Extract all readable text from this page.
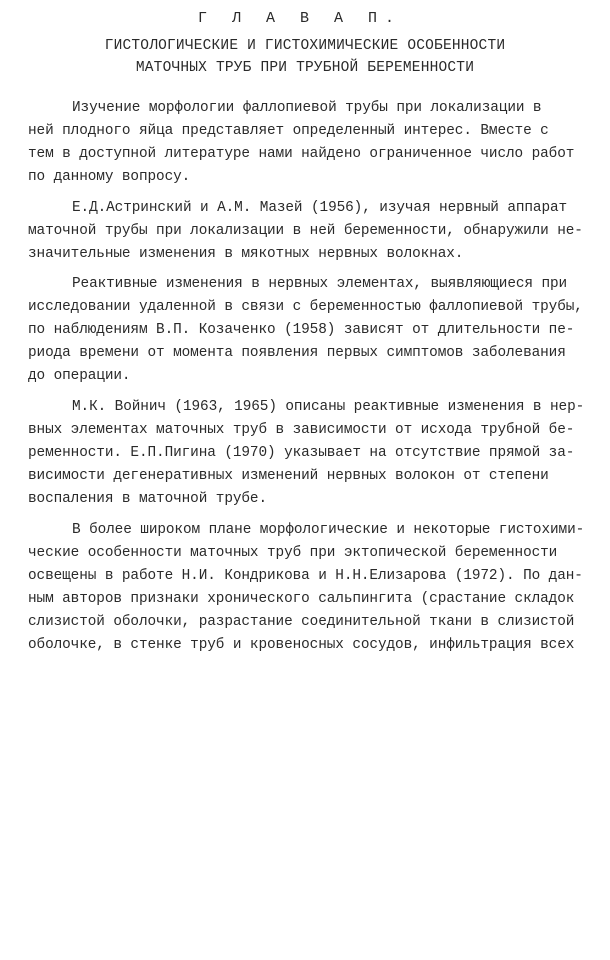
Г Л А В А П.
ГИСТОЛОГИЧЕСКИЕ И ГИСТОХИМИЧЕСКИЕ ОСОБЕННОСТИ
МАТОЧНЫХ ТРУБ ПРИ ТРУБНОЙ БЕРЕМЕННОСТИ
Изучение морфологии фаллопиевой трубы при локализации в
ней плодного яйца представляет определенный интерес. Вместе с
тем в доступной литературе нами найдено ограниченное число работ
по данному вопросу.
Е.Д.Астринский и А.М. Мазей (1956), изучая нервный аппарат
маточной трубы при локализации в ней беременности, обнаружили не-
значительные изменения в мякотных нервных волокнах.
Реактивные изменения в нервных элементах, выявляющиеся при
исследовании удаленной в связи с беременностью фаллопиевой трубы,
по наблюдениям В.П. Козаченко (1958) зависят от длительности пе-
риода времени от момента появления первых симптомов заболевания
до операции.
М.К. Войнич (1963, 1965) описаны реактивные изменения в нер-
вных элементах маточных труб в зависимости от исхода трубной бе-
ременности. Е.П.Пигина (1970) указывает на отсутствие прямой за-
висимости дегенеративных изменений нервных волокон от степени
воспаления в маточной трубе.
В более широком плане морфологические и некоторые гистохими-
ческие особенности маточных труб при эктопической беременности
освещены в работе Н.И. Кондрикова и Н.Н.Елизарова (1972). По дан-
ным авторов признаки хронического сальпингита (срастание складок
слизистой оболочки, разрастание соединительной ткани в слизистой
оболочке, в стенке труб и кровеносных сосудов, инфильтрация всех
